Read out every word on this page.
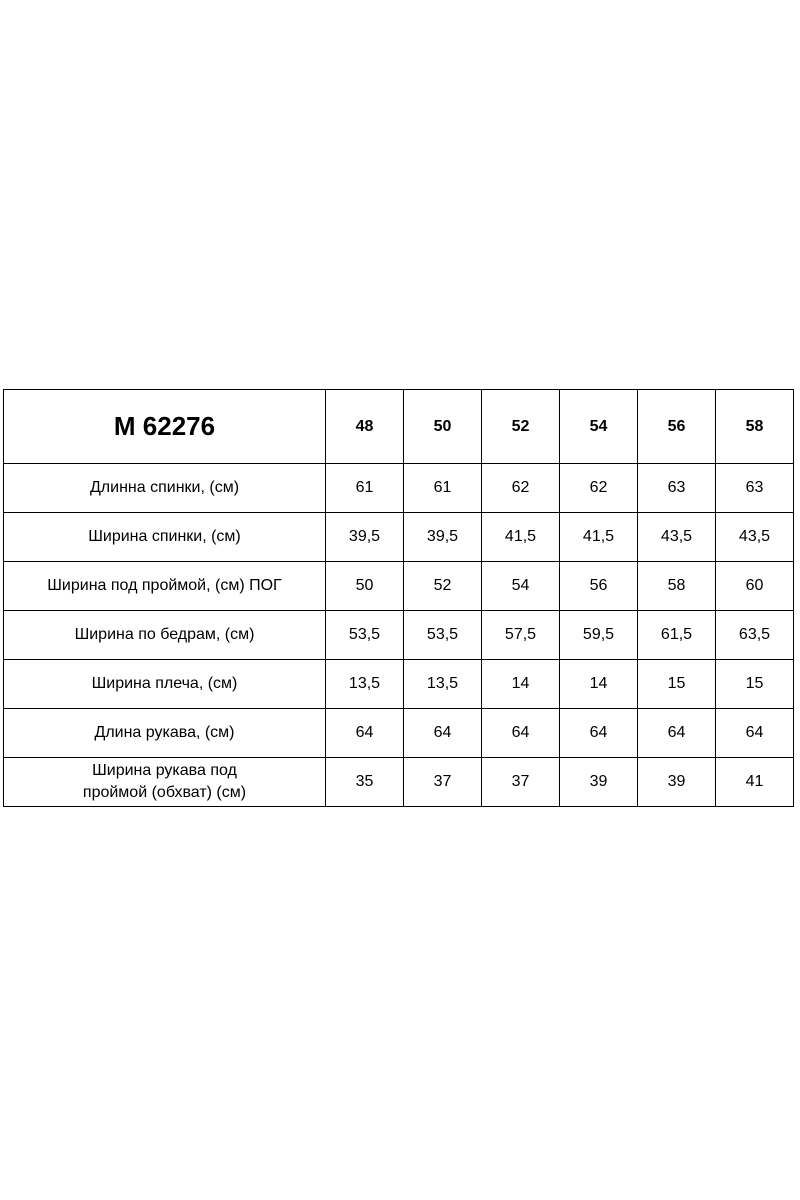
M 62276	48	50	52	54	56	58
Длинна спинки, (см)	61	61	62	62	63	63
Ширина спинки, (см)	39,5	39,5	41,5	41,5	43,5	43,5
Ширина под проймой, (см) ПОГ	50	52	54	56	58	60
Ширина по бедрам, (см)	53,5	53,5	57,5	59,5	61,5	63,5
Ширина плеча, (см)	13,5	13,5	14	14	15	15
Длина рукава, (см)	64	64	64	64	64	64
Ширина рукава под
проймой (обхват) (см)	35	37	37	39	39	41
